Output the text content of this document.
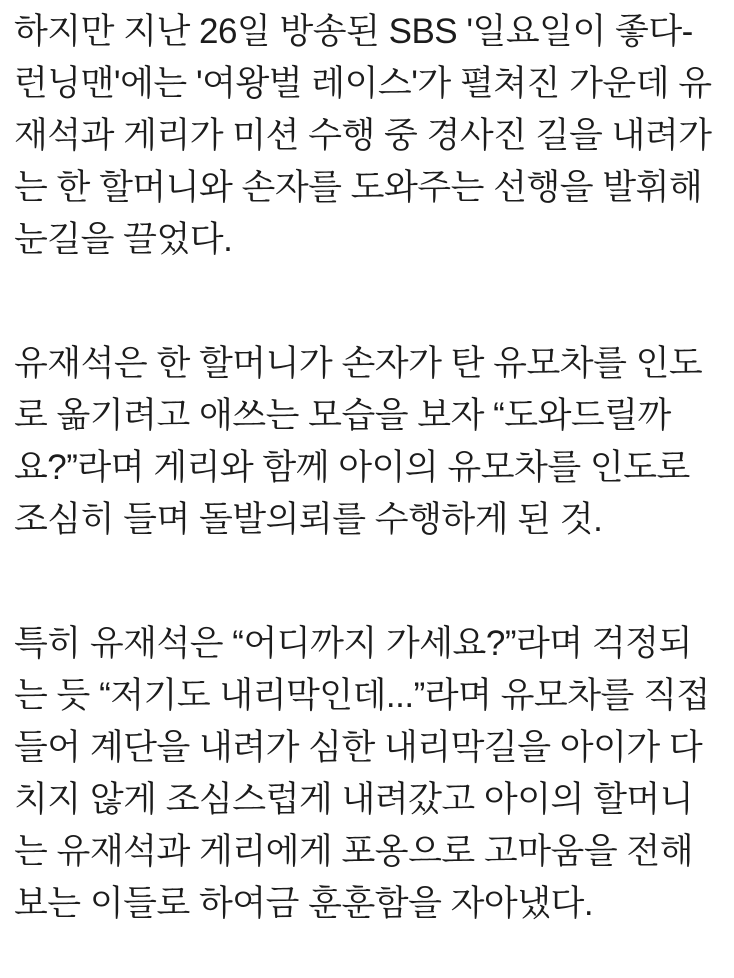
하지만 지난 26일 방송된 SBS '일요일이 좋다-런닝맨'에는 '여왕벌 레이스'가 펼쳐진 가운데 유재석과 게리가 미션 수행 중 경사진 길을 내려가는 한 할머니와 손자를 도와주는 선행을 발휘해 눈길을 끌었다.

유재석은 한 할머니가 손자가 탄 유모차를 인도로 옮기려고 애쓰는 모습을 보자 “도와드릴까요?”라며 게리와 함께 아이의 유모차를 인도로 조심히 들며 돌발의뢰를 수행하게 된 것.

특히 유재석은 “어디까지 가세요?”라며 걱정되는 듯 “저기도 내리막인데...”라며 유모차를 직접 들어 계단을 내려가 심한 내리막길을 아이가 다치지 않게 조심스럽게 내려갔고 아이의 할머니는 유재석과 게리에게 포옹으로 고마움을 전해 보는 이들로 하여금 훈훈함을 자아냈다.
